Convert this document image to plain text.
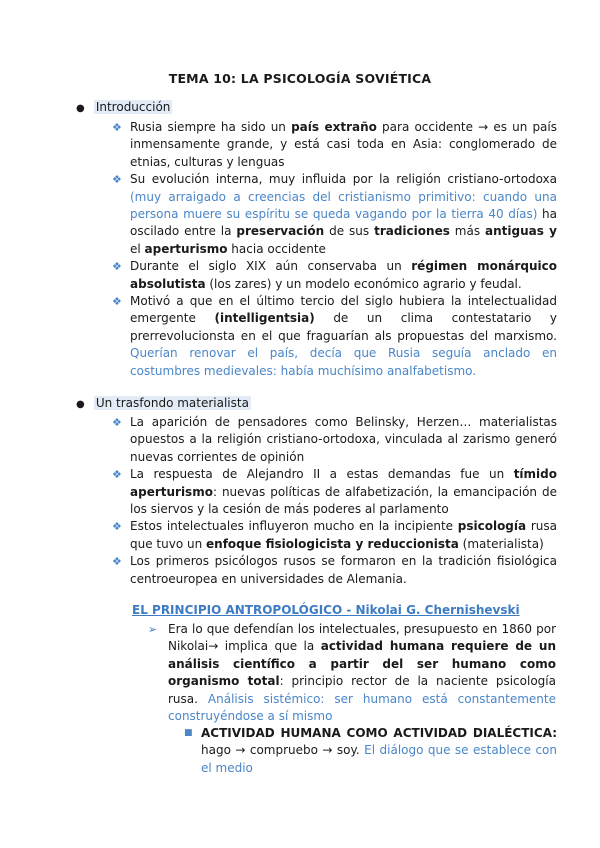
TEMA 10: LA PSICOLOGÍA SOVIÉTICA
● Introducción
❖ Rusia siempre ha sido un país extraño para occidente → es un país inmensamente grande, y está casi toda en Asia: conglomerado de etnias, culturas y lenguas
❖ Su evolución interna, muy influida por la religión cristiano-ortodoxa (muy arraigado a creencias del cristianismo primitivo: cuando una persona muere su espíritu se queda vagando por la tierra 40 días) ha oscilado entre la preservación de sus tradiciones más antiguas y el aperturismo hacia occidente
❖ Durante el siglo XIX aún conservaba un régimen monárquico absolutista (los zares) y un modelo económico agrario y feudal.
❖ Motivó a que en el último tercio del siglo hubiera la intelectualidad emergente (intelligentsia) de un clima contestatario y prerrevolucionsta en el que fraguarían als propuestas del marxismo. Querían renovar el país, decía que Rusia seguía anclado en costumbres medievales: había muchísimo analfabetismo.
● Un trasfondo materialista
❖ La aparición de pensadores como Belinsky, Herzen… materialistas opuestos a la religión cristiano-ortodoxa, vinculada al zarismo generó nuevas corrientes de opinión
❖ La respuesta de Alejandro II a estas demandas fue un tímido aperturismo: nuevas políticas de alfabetización, la emancipación de los siervos y la cesión de más poderes al parlamento
❖ Estos intelectuales influyeron mucho en la incipiente psicología rusa que tuvo un enfoque fisiologicista y reduccionista (materialista)
❖ Los primeros psicólogos rusos se formaron en la tradición fisiológica centroeuropea en universidades de Alemania.
EL PRINCIPIO ANTROPOLÓGICO - Nikolai G. Chernishevski
➢ Era lo que defendían los intelectuales, presupuesto en 1860 por Nikolai→ implica que la actividad humana requiere de un análisis científico a partir del ser humano como organismo total: principio rector de la naciente psicología rusa. Análisis sistémico: ser humano está constantemente construyéndose a sí mismo
■ ACTIVIDAD HUMANA COMO ACTIVIDAD DIALÉCTICA: hago → compruebo → soy. El diálogo que se establece con el medio
